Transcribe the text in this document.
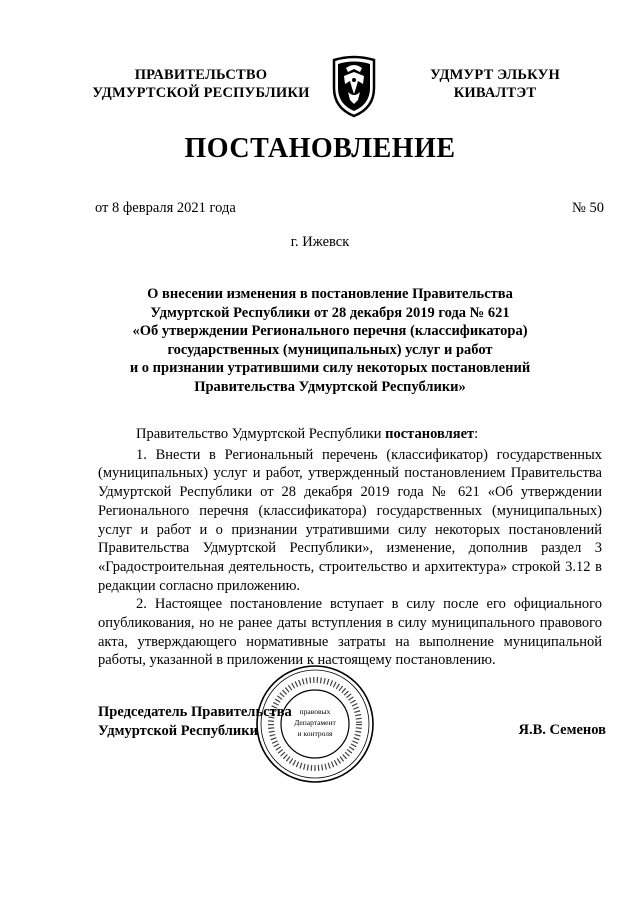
ПРАВИТЕЛЬСТВО
УДМУРТСКОЙ РЕСПУБЛИКИ
УДМУРТ ЭЛЬКУН
КИВАЛТЭТ
ПОСТАНОВЛЕНИЕ
от 8 февраля 2021 года	№ 50
г. Ижевск
О внесении изменения в постановление Правительства
Удмуртской Республики от 28 декабря 2019 года № 621
«Об утверждении Регионального перечня (классификатора)
государственных (муниципальных) услуг и работ
и о признании утратившими силу некоторых постановлений
Правительства Удмуртской Республики»

Правительство Удмуртской Республики постановляет:

1. Внести в Региональный перечень (классификатор) государственных (муниципальных) услуг и работ, утвержденный постановлением Правительства Удмуртской Республики от 28 декабря 2019 года № 621 «Об утверждении Регионального перечня (классификатора) государственных (муниципальных) услуг и работ и о признании утратившими силу некоторых постановлений Правительства Удмуртской Республики», изменение, дополнив раздел 3 «Градостроительная деятельность, строительство и архитектура» строкой 3.12 в редакции согласно приложению.

2. Настоящее постановление вступает в силу после его официального опубликования, но не ранее даты вступления в силу муниципального правового акта, утверждающего нормативные затраты на выполнение муниципальной работы, указанной в приложении к настоящему постановлению.

Председатель Правительства
Удмуртской Республики
правовых
Департамент
и контроля	Я.В. Семенов
